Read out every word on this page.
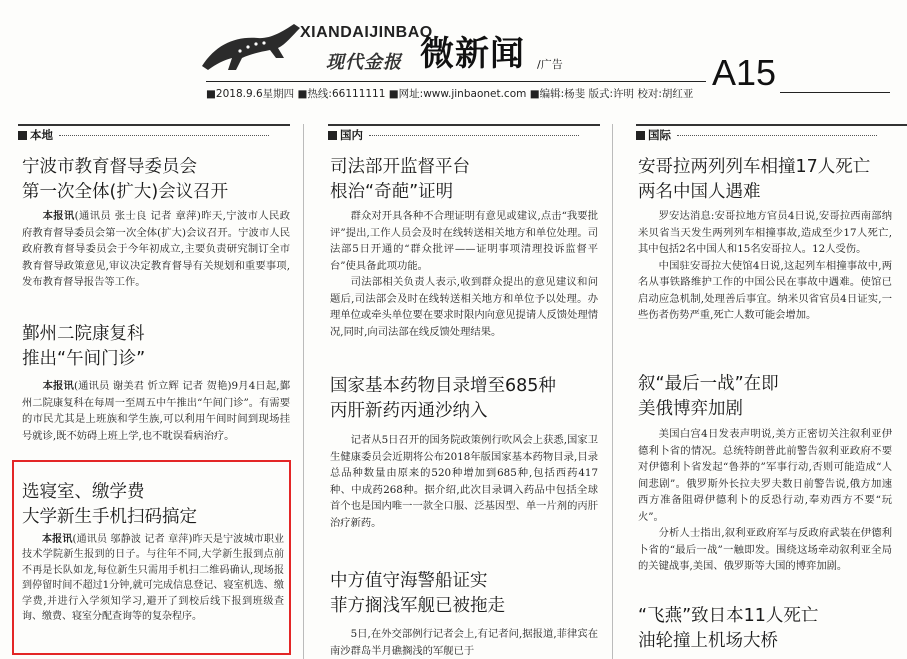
XIANDAIJINBAO
现代金报 微新闻 /广告	A15
■2018.9.6星期四 ■热线:66111111 ■网址:www.jinbaonet.com ■编辑:杨斐 版式:许明 校对:胡红亚
本地
宁波市教育督导委员会
第一次全体(扩大)会议召开

本报讯(通讯员 张士良 记者 章萍)昨天,宁波市人民政府教育督导委员会第一次全体(扩大)会议召开。宁波市人民政府教育督导委员会于今年初成立,主要负责研究制订全市教育督导政策意见,审议决定教育督导有关规划和重要事项,发布教育督导报告等工作。

鄞州二院康复科
推出“午间门诊”

本报讯(通讯员 谢美君 忻立辉 记者 贺艳)9月4日起,鄞州二院康复科在每周一至周五中午推出“午间门诊”。有需要的市民尤其是上班族和学生族,可以利用午间时间到现场挂号就诊,既不妨碍上班上学,也不耽误看病治疗。

选寝室、缴学费
大学新生手机扫码搞定

本报讯(通讯员 邬静波 记者 章萍)昨天是宁波城市职业技术学院新生报到的日子。与往年不同,大学新生报到点前不再是长队如龙,每位新生只需用手机扫二维码确认,现场报到停留时间不超过1分钟,就可完成信息登记、寝室机选、缴学费,并进行入学须知学习,避开了到校后线下报到班级查询、缴费、寝室分配查询等的复杂程序。

国内
司法部开监督平台
根治“奇葩”证明

群众对开具各种不合理证明有意见或建议,点击“我要批评”提出,工作人员会及时在线转送相关地方和单位处理。司法部5日开通的“群众批评——证明事项清理投诉监督平台”使具备此项功能。

司法部相关负责人表示,收到群众提出的意见建议和问题后,司法部会及时在线转送相关地方和单位予以处理。办理单位或牵头单位要在要求时限内向意见提请人反馈处理情况,同时,向司法部在线反馈处理结果。

国家基本药物目录增至685种
丙肝新药丙通沙纳入

记者从5日召开的国务院政策例行吹风会上获悉,国家卫生健康委员会近期将公布2018年版国家基本药物目录,目录总品种数量由原来的520种增加到685种,包括西药417种、中成药268种。据介绍,此次目录调入药品中包括全球首个也是国内唯一一款全口服、泛基因型、单一片剂的丙肝治疗新药。

中方值守海警船证实
菲方搁浅军舰已被拖走

5日,在外交部例行记者会上,有记者问,据报道,菲律宾在南沙群岛半月礁搁浅的军舰已于

国际
安哥拉两列列车相撞17人死亡
两名中国人遇难

罗安达消息:安哥拉地方官员4日说,安哥拉西南部纳米贝省当天发生两列列车相撞事故,造成至少17人死亡,其中包括2名中国人和15名安哥拉人。12人受伤。

中国驻安哥拉大使馆4日说,这起列车相撞事故中,两名从事铁路维护工作的中国公民在事故中遇难。使馆已启动应急机制,处理善后事宜。纳米贝省官员4日证实,一些伤者伤势严重,死亡人数可能会增加。

叙“最后一战”在即
美俄博弈加剧

美国白宫4日发表声明说,美方正密切关注叙利亚伊德利卜省的情况。总统特朗普此前警告叙利亚政府不要对伊德利卜省发起“鲁莽的”军事行动,否则可能造成“人间悲剧”。俄罗斯外长拉夫罗夫数日前警告说,俄方加速西方准备阻碍伊德利卜的反恐行动,奉劝西方不要“玩火”。

分析人士指出,叙利亚政府军与反政府武装在伊德利卜省的“最后一战”一触即发。围绕这场牵动叙利亚全局的关键战事,美国、俄罗斯等大国的博弈加剧。

“飞燕”致日本11人死亡
油轮撞上机场大桥
